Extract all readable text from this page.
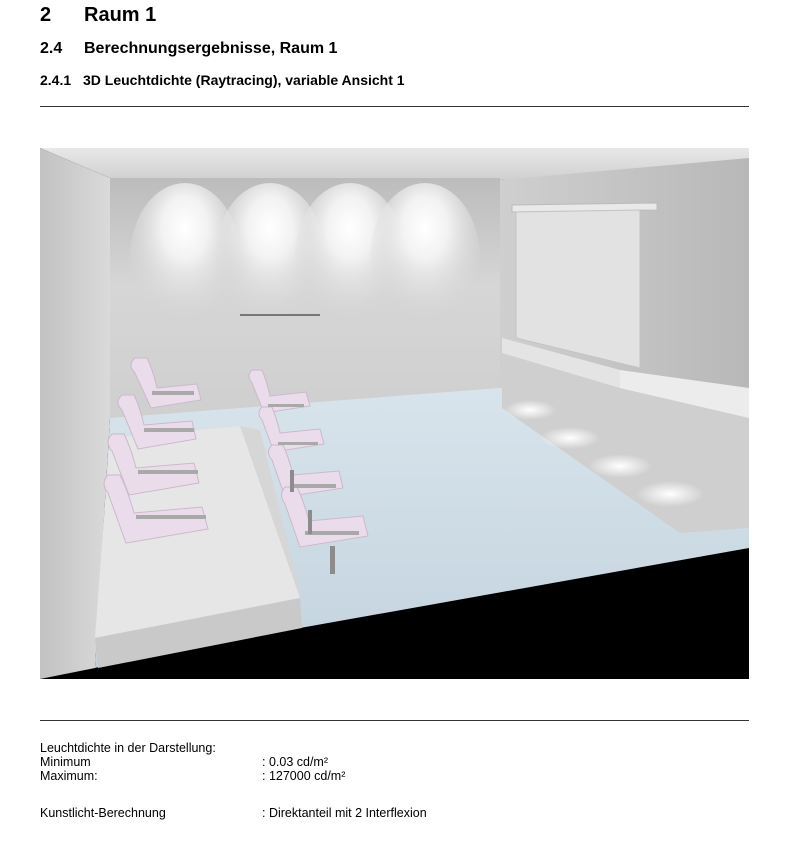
2 Raum 1
2.4 Berechnungsergebnisse, Raum 1
2.4.1 3D Leuchtdichte (Raytracing), variable Ansicht 1
Leuchtdichte in der Darstellung:
Minimum	: 0.03 cd/m²
Maximum:	: 127000 cd/m²
Kunstlicht-Berechnung	: Direktanteil mit 2 Interflexion
